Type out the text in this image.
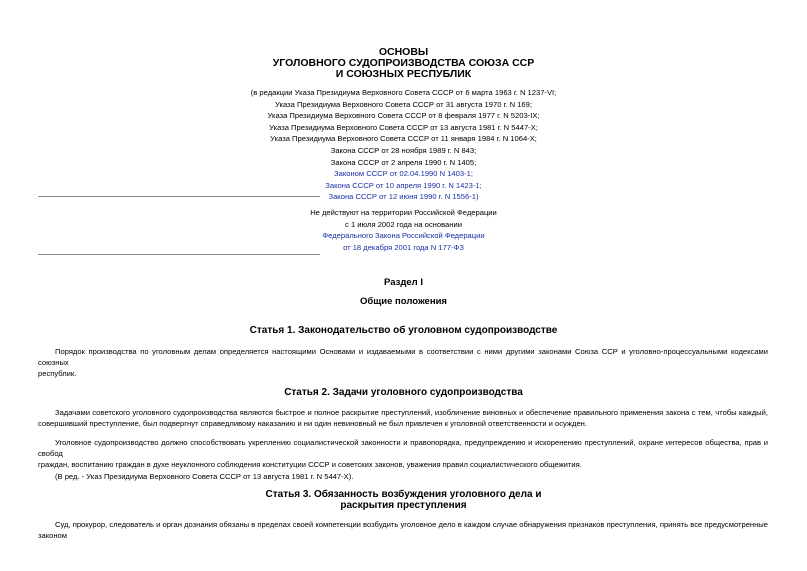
ОСНОВЫ
УГОЛОВНОГО СУДОПРОИЗВОДСТВА СОЮЗА ССР
И СОЮЗНЫХ РЕСПУБЛИК
(в редакции Указа Президиума Верховного Совета СССР от 6 марта 1963 г. N 1237-VI;
Указа Президиума Верховного Совета СССР от 31 августа 1970 г. N 169;
Указа Президиума Верховного Совета СССР от 8 февраля 1977 г. N 5203-IX;
Указа Президиума Верховного Совета СССР от 13 августа 1981 г. N 5447-X;
Указа Президиума Верховного Совета СССР от 11 января 1984 г. N 1064-X;
Закона СССР от 28 ноября 1989 г. N 843;
Закона СССР от 2 апреля 1990 г. N 1405;
Законом СССР от 02.04.1990 N 1403-1;
Закона СССР от 10 апреля 1990 г. N 1423-1;
Закона СССР от 12 июня 1990 г. N 1556-1)
Не действуют на территории Российской Федерации
с 1 июля 2002 года на основании
Федерального Закона Российской Федерации
от 18 декабря 2001 года N 177-ФЗ
Раздел I
Общие положения
Статья 1. Законодательство об уголовном судопроизводстве
Порядок производства по уголовным делам определяется настоящими Основами и издаваемыми в соответствии с ними другими законами Союза ССР и уголовно-процессуальными кодексами союзных
республик.
Статья 2. Задачи уголовного судопроизводства
Задачами советского уголовного судопроизводства являются быстрое и полное раскрытие преступлений, изобличение виновных и обеспечение правильного применения закона с тем, чтобы каждый,
совершивший преступление, был подвергнут справедливому наказанию и ни один невиновный не был привлечен к уголовной ответственности и осужден.
Уголовное судопроизводство должно способствовать укреплению социалистической законности и правопорядка, предупреждению и искоренению преступлений, охране интересов общества, прав и свобод
граждан, воспитанию граждан в духе неуклонного соблюдения конституции СССР и советских законов, уважения правил социалистического общежития.
(В ред. - Указ Президиума Верховного Совета СССР от 13 августа 1981 г. N 5447-X).
Статья 3. Обязанность возбуждения уголовного дела и
раскрытия преступления
Суд, прокурор, следователь и орган дознания обязаны в пределах своей компетенции возбудить уголовное дело в каждом случае обнаружения признаков преступления, принять все предусмотренные законом
